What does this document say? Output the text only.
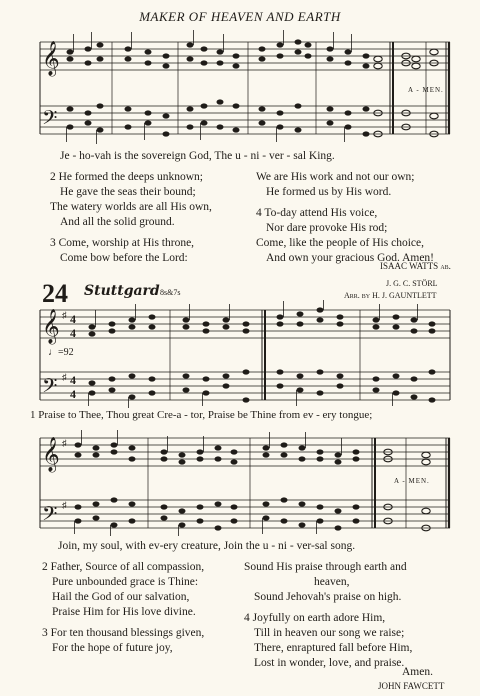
MAKER OF HEAVEN AND EARTH
𝄞
𝄢
A - MEN.
Je - ho-vah is the sovereign God, The u - ni - ver - sal King.
2 He formed the deeps unknown;
He gave the seas their bound;
The watery worlds are all His own,
And all the solid ground.
3 Come, worship at His throne,
Come bow before the Lord:
We are His work and not our own;
He formed us by His word.
4 To-day attend His voice,
Nor dare provoke His rod;
Come, like the people of His choice,
And own your gracious God. Amen!
ISAAC WATTS ab.
24 Stuttgard 8s&7s
J. G. C. STÖRL
Arr. by H. J. GAUNTLETT
𝄞 ♯ 4
4
𝄢 ♯ 4
4
♩=92
1 Praise to Thee, Thou great Cre-a - tor, Praise be Thine from ev - ery tongue;
𝄞 ♯
𝄢 ♯
A - MEN.
Join, my soul, with ev-ery creature, Join the u - ni - ver-sal song.
2 Father, Source of all compassion,
Pure unbounded grace is Thine:
Hail the God of our salvation,
Praise Him for His love divine.
3 For ten thousand blessings given,
For the hope of future joy,
Sound His praise through earth and
heaven,
Sound Jehovah's praise on high.
4 Joyfully on earth adore Him,
Till in heaven our song we raise;
There, enraptured fall before Him,
Lost in wonder, love, and praise.
Amen.
JOHN FAWCETT
